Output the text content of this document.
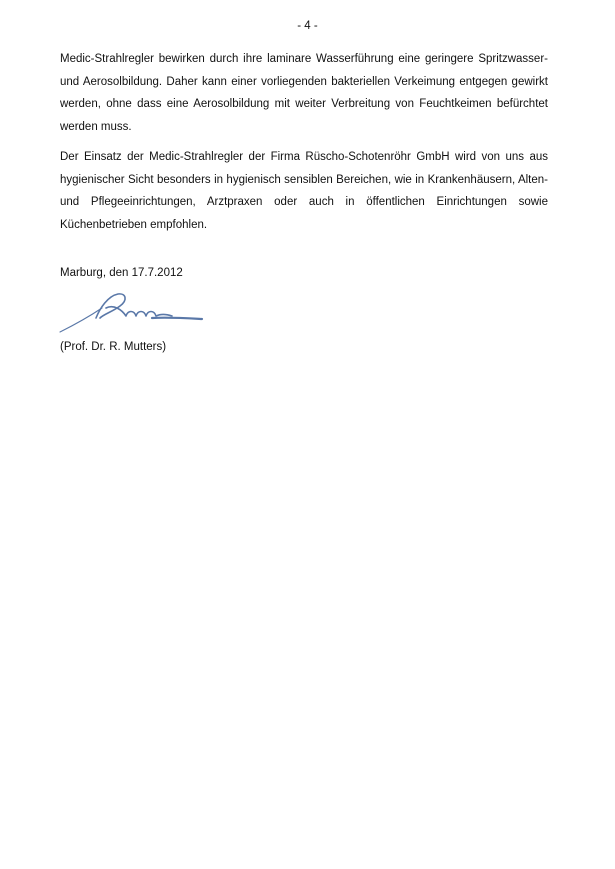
- 4 -

Medic-Strahlregler bewirken durch ihre laminare Wasserführung eine geringere Spritzwasser- und Aerosolbildung. Daher kann einer vorliegenden bakteriellen Verkeimung entgegen gewirkt werden, ohne dass eine Aerosolbildung mit weiter Verbreitung von Feuchtkeimen befürchtet werden muss.

Der Einsatz der Medic-Strahlregler der Firma Rüscho-Schotenröhr GmbH wird von uns aus hygienischer Sicht besonders in hygienisch sensiblen Bereichen, wie in Krankenhäusern, Alten- und Pflegeeinrichtungen, Arztpraxen oder auch in öffentlichen Einrichtungen sowie Küchenbetrieben empfohlen.

Marburg, den 17.7.2012

(Prof. Dr. R. Mutters)
